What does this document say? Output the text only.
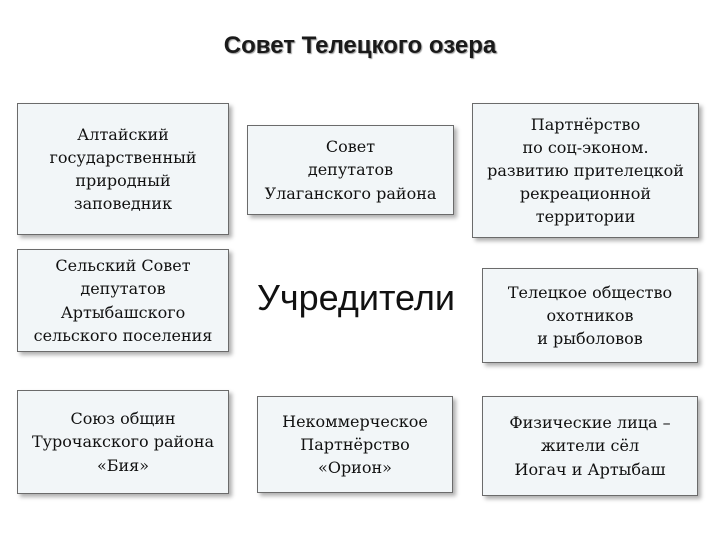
Совет Телецкого озера
Алтайский
государственный
природный
заповедник
Совет
депутатов
Улаганского района
Партнёрство
по соц-эконом.
развитию прителецкой
рекреационной
территории
Сельский Совет
депутатов
Артыбашского
сельского поселения
Учредители	Телецкое общество
охотников
и рыболовов
Союз общин
Турочакского района
«Бия»
Некоммерческое
Партнёрство
«Орион»
Физические лица –
жители сёл
Иогач и Артыбаш
